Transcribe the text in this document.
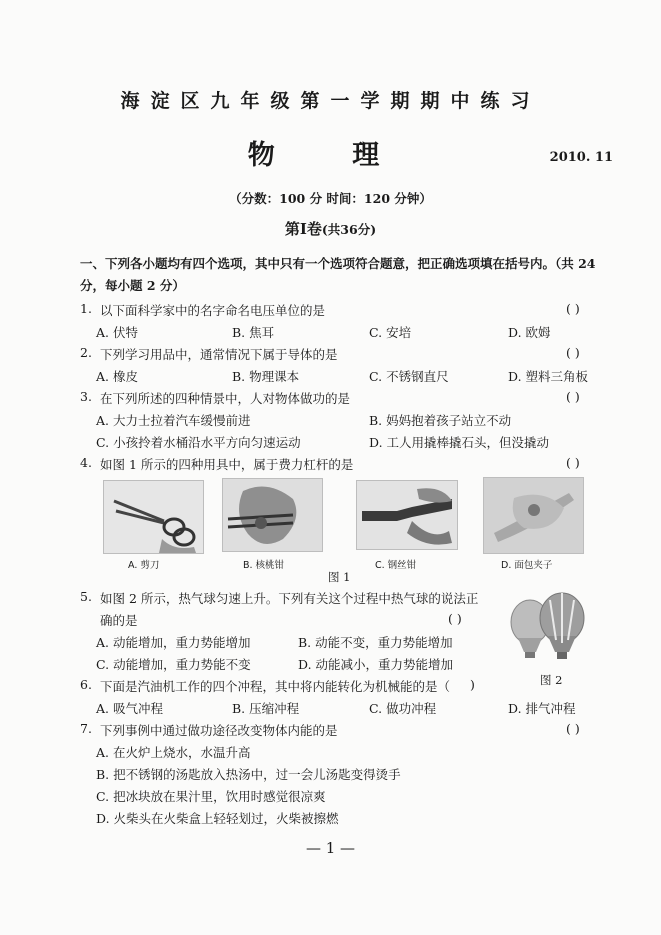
海淀区九年级第一学期期中练习
物 理	2010. 11
（分数：100 分 时间：120 分钟）
第Ⅰ卷(共36分)
一、下列各小题均有四个选项，其中只有一个选项符合题意，把正确选项填在括号内。（共 24 分，每小题 2 分）
1. 以下面科学家中的名字命名电压单位的是	( )
A. 伏特	B. 焦耳	C. 安培	D. 欧姆
2. 下列学习用品中，通常情况下属于导体的是	( )
A. 橡皮	B. 物理课本	C. 不锈钢直尺	D. 塑料三角板
3. 在下列所述的四种情景中，人对物体做功的是	( )
A. 大力士拉着汽车缓慢前进	B. 妈妈抱着孩子站立不动
C. 小孩拎着水桶沿水平方向匀速运动	D. 工人用撬棒撬石头，但没撬动
4. 如图 1 所示的四种用具中，属于费力杠杆的是	( )
A. 剪刀	B. 核桃钳	C. 钢丝钳	D. 面包夹子
图 1
5. 如图 2 所示，热气球匀速上升。下列有关这个过程中热气球的说法正
确的是	( )
A. 动能增加，重力势能增加	B. 动能不变，重力势能增加
C. 动能增加，重力势能不变	D. 动能减小，重力势能增加
图 2
6. 下面是汽油机工作的四个冲程，其中将内能转化为机械能的是（ )
A. 吸气冲程	B. 压缩冲程	C. 做功冲程	D. 排气冲程
7. 下列事例中通过做功途径改变物体内能的是	( )
A. 在火炉上烧水，水温升高
B. 把不锈钢的汤匙放入热汤中，过一会儿汤匙变得烫手
C. 把冰块放在果汁里，饮用时感觉很凉爽
D. 火柴头在火柴盒上轻轻划过，火柴被擦燃
— 1 —
